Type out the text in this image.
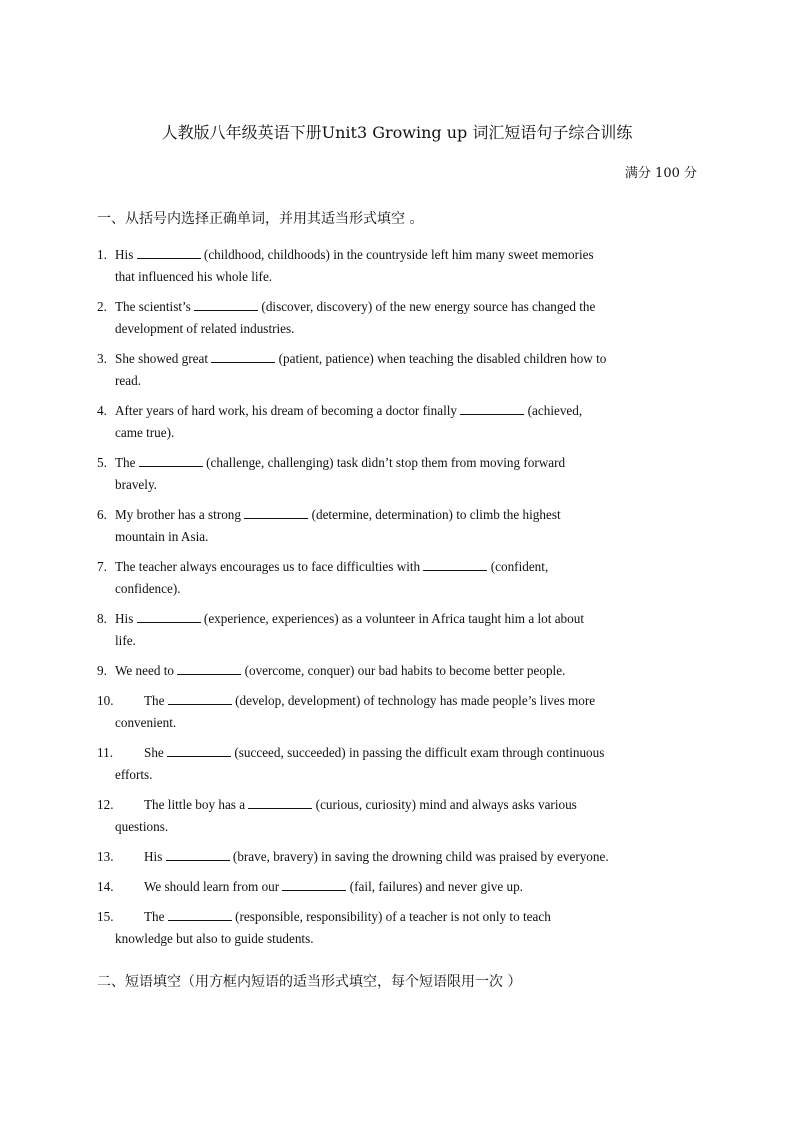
人教版八年级英语下册Unit3 Growing up 词汇短语句子综合训练
满分 100 分
一、从括号内选择正确单词，并用其适当形式填空 。
1. His	(childhood, childhoods) in the countryside left him many sweet memories
that influenced his whole life.
2. The scientist’s	(discover, discovery) of the new energy source has changed the
development of related industries.
3. She showed great	(patient, patience) when teaching the disabled children how to
read.
4. After years of hard work, his dream of becoming a doctor finally	(achieved,
came true).
5. The	(challenge, challenging) task didn’t stop them from moving forward
bravely.
6. My brother has a strong	(determine, determination) to climb the highest
mountain in Asia.
7. The teacher always encourages us to face difficulties with	(confident,
confidence).
8. His	(experience, experiences) as a volunteer in Africa taught him a lot about
life.
9. We need to	(overcome, conquer) our bad habits to become better people.
10.	The	(develop, development) of technology has made people’s lives more
convenient.
11.	She	(succeed, succeeded) in passing the difficult exam through continuous
efforts.
12.	The little boy has a	(curious, curiosity) mind and always asks various
questions.
13.	His	(brave, bravery) in saving the drowning child was praised by everyone.
14.	We should learn from our	(fail, failures) and never give up.
15.	The	(responsible, responsibility) of a teacher is not only to teach
knowledge but also to guide students.
二、短语填空（用方框内短语的适当形式填空，每个短语限用一次 ）
